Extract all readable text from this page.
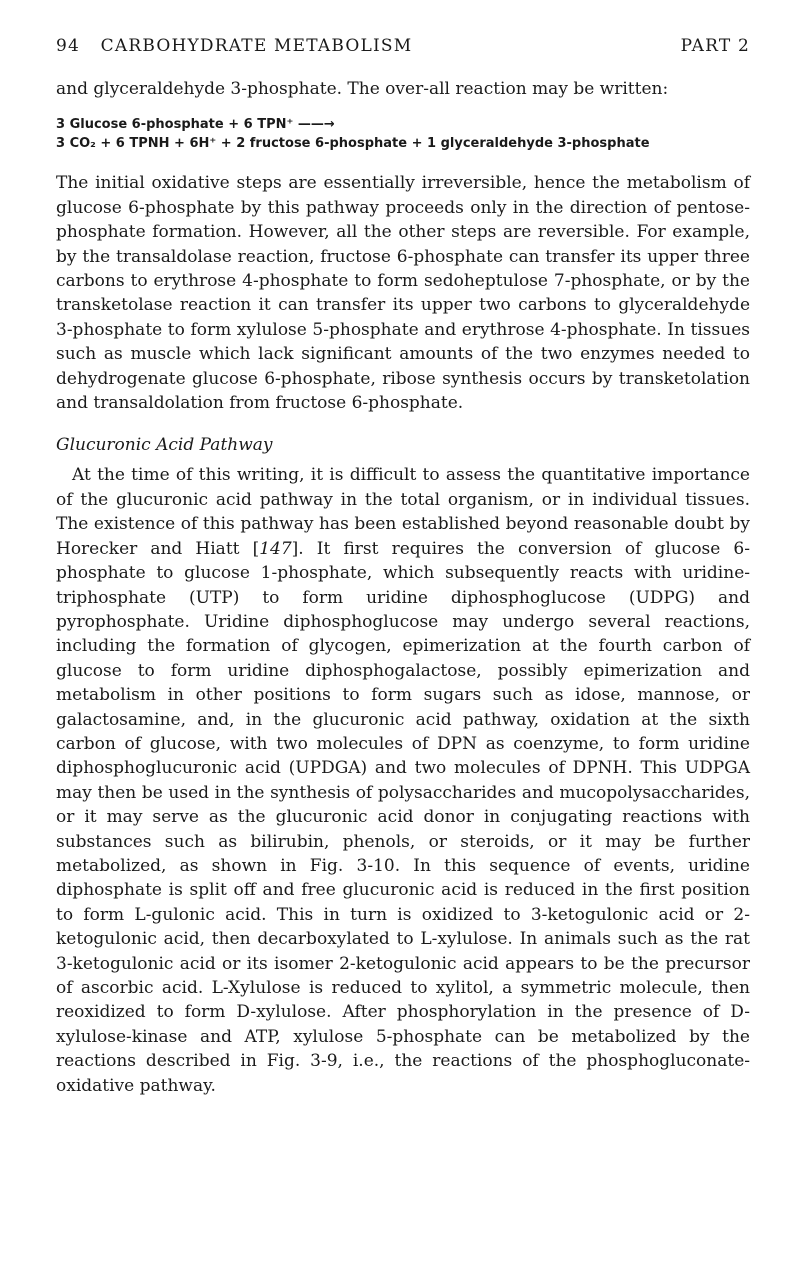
94 CARBOHYDRATE METABOLISM	PART 2

and glyceraldehyde 3-phosphate. The over-all reaction may be written:

3 Glucose 6-phosphate + 6 TPN⁺ ——→
3 CO₂ + 6 TPNH + 6H⁺ + 2 fructose 6-phosphate + 1 glyceraldehyde 3-phosphate

The initial oxidative steps are essentially irreversible, hence the metabolism of glucose 6-phosphate by this pathway proceeds only in the direction of pentose-phosphate formation. However, all the other steps are reversible. For example, by the transaldolase reaction, fructose 6-phosphate can transfer its upper three carbons to erythrose 4-phosphate to form sedoheptulose 7-phosphate, or by the transketolase reaction it can transfer its upper two carbons to glyceraldehyde 3-phosphate to form xylulose 5-phosphate and erythrose 4-phosphate. In tissues such as muscle which lack significant amounts of the two enzymes needed to dehydrogenate glucose 6-phosphate, ribose synthesis occurs by transketolation and transaldolation from fructose 6-phosphate.

Glucuronic Acid Pathway

At the time of this writing, it is difficult to assess the quantitative importance of the glucuronic acid pathway in the total organism, or in individual tissues. The existence of this pathway has been established beyond reasonable doubt by Horecker and Hiatt [147]. It first requires the conversion of glucose 6-phosphate to glucose 1-phosphate, which subsequently reacts with uridine-triphosphate (UTP) to form uridine diphosphoglucose (UDPG) and pyrophosphate. Uridine diphosphoglucose may undergo several reactions, including the formation of glycogen, epimerization at the fourth carbon of glucose to form uridine diphosphogalactose, possibly epimerization and metabolism in other positions to form sugars such as idose, mannose, or galactosamine, and, in the glucuronic acid pathway, oxidation at the sixth carbon of glucose, with two molecules of DPN as coenzyme, to form uridine diphosphoglucuronic acid (UPDGA) and two molecules of DPNH. This UDPGA may then be used in the synthesis of polysaccharides and mucopolysaccharides, or it may serve as the glucuronic acid donor in conjugating reactions with substances such as bilirubin, phenols, or steroids, or it may be further metabolized, as shown in Fig. 3-10. In this sequence of events, uridine diphosphate is split off and free glucuronic acid is reduced in the first position to form L-gulonic acid. This in turn is oxidized to 3-ketogulonic acid or 2-ketogulonic acid, then decarboxylated to L-xylulose. In animals such as the rat 3-ketogulonic acid or its isomer 2-ketogulonic acid appears to be the precursor of ascorbic acid. L-Xylulose is reduced to xylitol, a symmetric molecule, then reoxidized to form D-xylulose. After phosphorylation in the presence of D-xylulose-kinase and ATP, xylulose 5-phosphate can be metabolized by the reactions described in Fig. 3-9, i.e., the reactions of the phosphogluconate-oxidative pathway.
